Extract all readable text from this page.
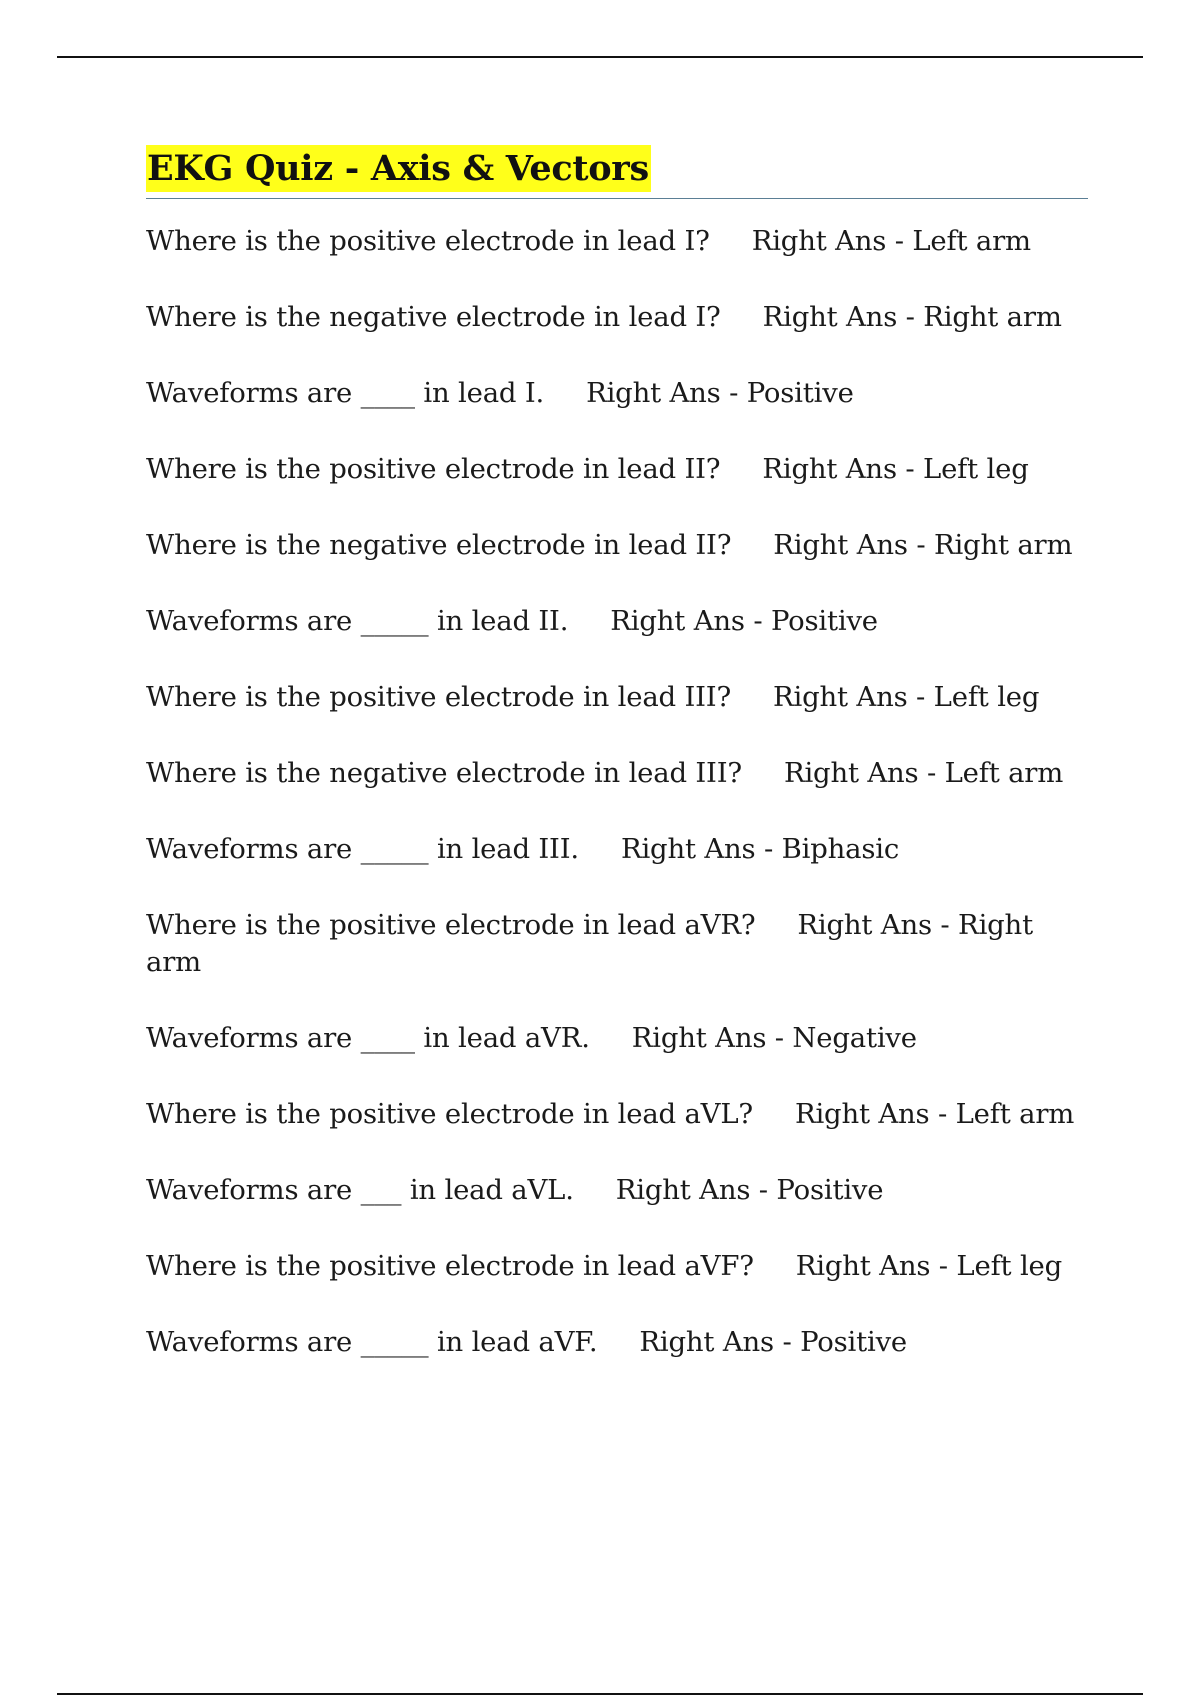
EKG Quiz - Axis & Vectors
Where is the positive electrode in lead I? Right Ans - Left arm
Where is the negative electrode in lead I? Right Ans - Right arm
Waveforms are ____ in lead I. Right Ans - Positive
Where is the positive electrode in lead II? Right Ans - Left leg
Where is the negative electrode in lead II? Right Ans - Right arm
Waveforms are _____ in lead II. Right Ans - Positive
Where is the positive electrode in lead III? Right Ans - Left leg
Where is the negative electrode in lead III? Right Ans - Left arm
Waveforms are _____ in lead III. Right Ans - Biphasic
Where is the positive electrode in lead aVR? Right Ans - Right arm
Waveforms are ____ in lead aVR. Right Ans - Negative
Where is the positive electrode in lead aVL? Right Ans - Left arm
Waveforms are ___ in lead aVL. Right Ans - Positive
Where is the positive electrode in lead aVF? Right Ans - Left leg
Waveforms are _____ in lead aVF. Right Ans - Positive
